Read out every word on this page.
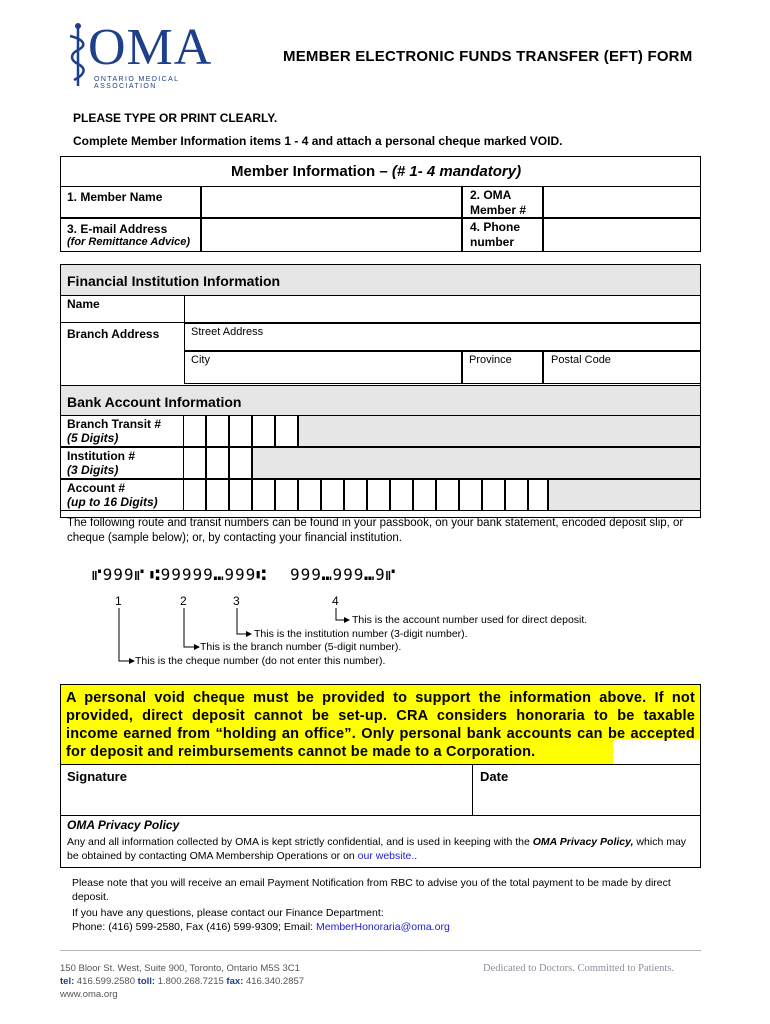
OMA
ONTARIO MEDICAL ASSOCIATION
MEMBER ELECTRONIC FUNDS TRANSFER (EFT) FORM
PLEASE TYPE OR PRINT CLEARLY.
Complete Member Information items 1 - 4 and attach a personal cheque marked VOID.
Member Information – (# 1- 4 mandatory)
1. Member Name	2. OMA Member #
3. E-mail Address
(for Remittance Advice)
4. Phone number
Financial Institution Information
Name
Branch Address	Street Address
City	Province	Postal Code
Bank Account Information
Branch Transit #
(5 Digits)
Institution #
(3 Digits)
Account #
(up to 16 Digits)
The following route and transit numbers can be found in your passbook, on your bank statement, encoded deposit slip, or cheque (sample below); or, by contacting your financial institution.
⑈999⑈ ⑆99999⑉999⑆ 999⑉999⑉9⑈
1	2	3	4
This is the account number used for direct deposit.
This is the institution number (3-digit number).
This is the branch number (5-digit number).
This is the cheque number (do not enter this number).
A personal void cheque must be provided to support the information above. If not provided, direct deposit cannot be set-up. CRA considers honoraria to be taxable income earned from “holding an office”. Only personal bank accounts can be accepted for deposit and reimbursements cannot be made to a Corporation.
Signature	Date
OMA Privacy Policy
Any and all information collected by OMA is kept strictly confidential, and is used in keeping with the OMA Privacy Policy, which may be obtained by contacting OMA Membership Operations or on our website..
Please note that you will receive an email Payment Notification from RBC to advise you of the total payment to be made by direct deposit.
If you have any questions, please contact our Finance Department:
Phone: (416) 599-2580, Fax (416) 599-9309; Email: MemberHonoraria@oma.org
150 Bloor St. West, Suite 900, Toronto, Ontario M5S 3C1
tel: 416.599.2580 toll: 1.800.268.7215 fax: 416.340.2857
www.oma.org
Dedicated to Doctors. Committed to Patients.
